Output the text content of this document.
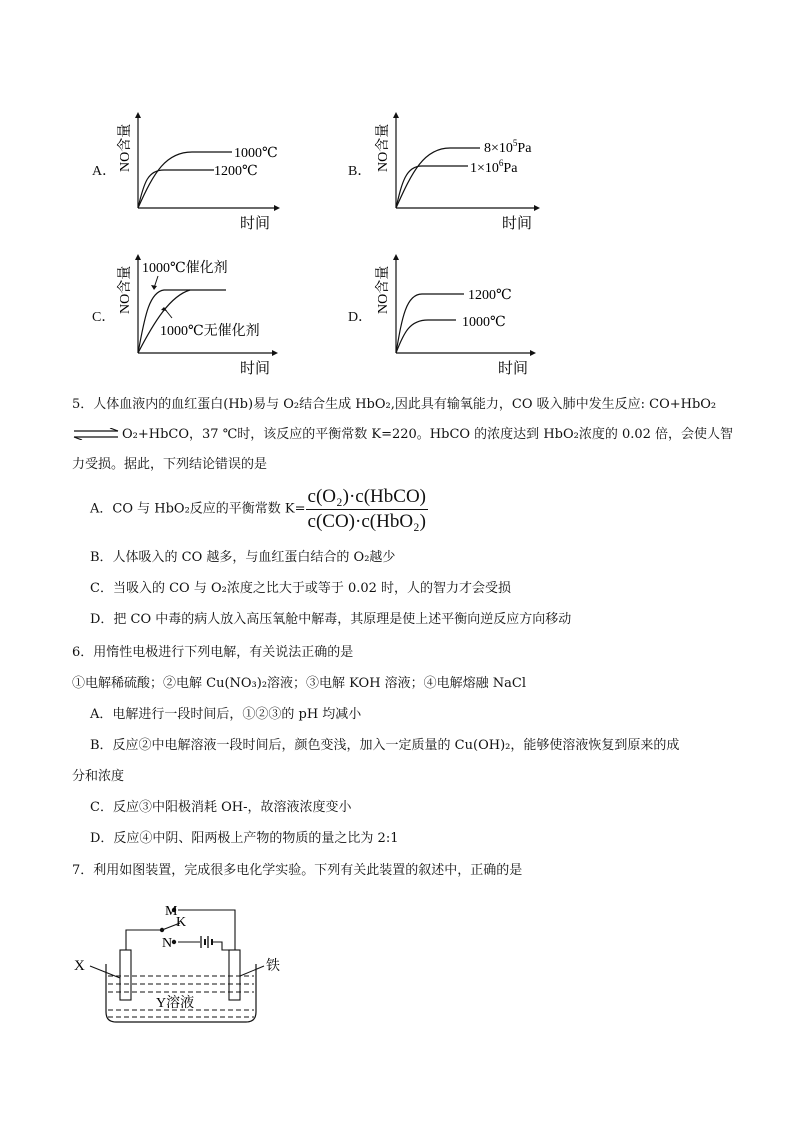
A． NO含量
时间
1000℃
1200℃	B． NO含量
时间
$8\times 10^5Pa$
$1\times 10^6Pa$
C．
NO含量
时间
1000℃催化剂
1000℃无催化剂
D．
NO含量
时间
1200℃
1000℃
5．人体血液内的血红蛋白(Hb)易与 O₂结合生成 HbO₂,因此具有输氧能力，CO 吸入肺中发生反应: CO+HbO₂
⇌ O₂+HbCO，37 ℃时，该反应的平衡常数 K=220。HbCO 的浓度达到 HbO₂浓度的 0.02 倍，会使人智
力受损。据此，下列结论错误的是
A．CO 与 HbO₂反应的平衡常数 $K= \frac{\text{c(O₂)·c(HbCO)}}{\text{c(CO)·c(HbO₂)}}$
B．人体吸入的 CO 越多，与血红蛋白结合的 O₂越少
C．当吸入的 CO 与 O₂浓度之比大于或等于 0.02 时，人的智力才会受损
D．把 CO 中毒的病人放入高压氧舱中解毒，其原理是使上述平衡向逆反应方向移动
6．用惰性电极进行下列电解，有关说法正确的是
①电解稀硫酸；②电解 Cu(NO₃)₂溶液；③电解 KOH 溶液；④电解熔融 NaCl
A．电解进行一段时间后，①②③的 pH 均减小
B．反应②中电解溶液一段时间后，颜色变浅，加入一定质量的 Cu(OH)₂，能够使溶液恢复到原来的成
分和浓度
C．反应③中阳极消耗 OH-，故溶液浓度变小
D．反应④中阴、阳两极上产物的物质的量之比为 2:1
7．利用如图装置，完成很多电化学实验。下列有关此装置的叙述中，正确的是
M
K
N
X	铁
Y溶液
